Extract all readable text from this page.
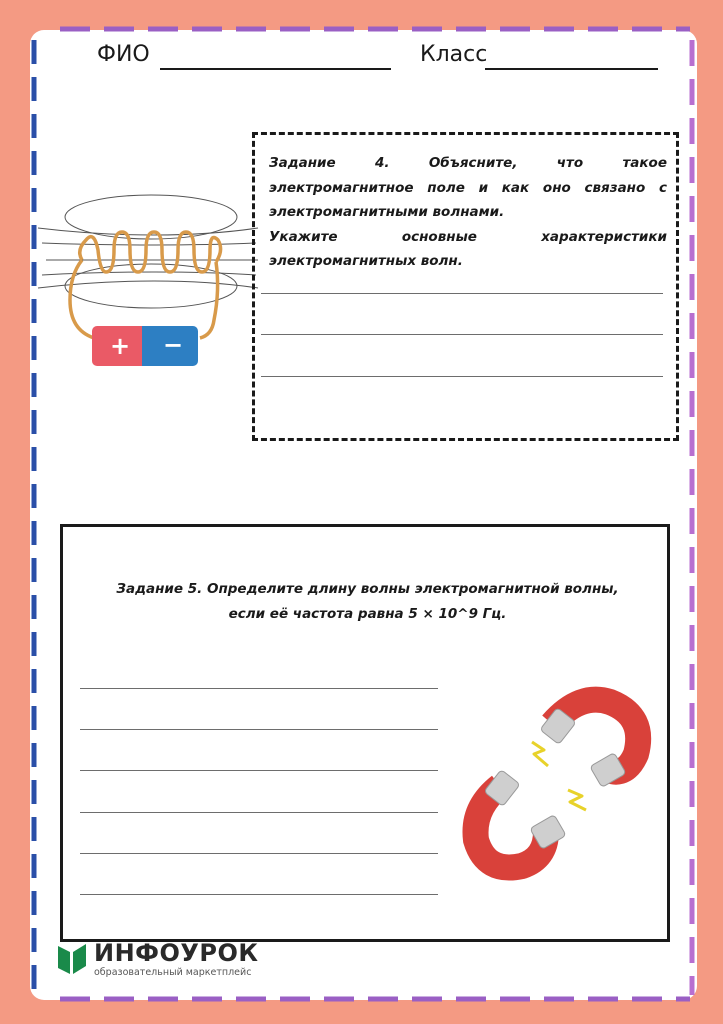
ФИО	Класс
+ −

Задание 4. Объясните, что такое

электромагнитное поле и как оно связано с

электромагнитными волнами.

Укажите основные характеристики

электромагнитных волн.

Задание 5. Определите длину волны электромагнитной волны,
если её частота равна 5 × 10^9 Гц.
ИНФОУРОК
образовательный маркетплейс
